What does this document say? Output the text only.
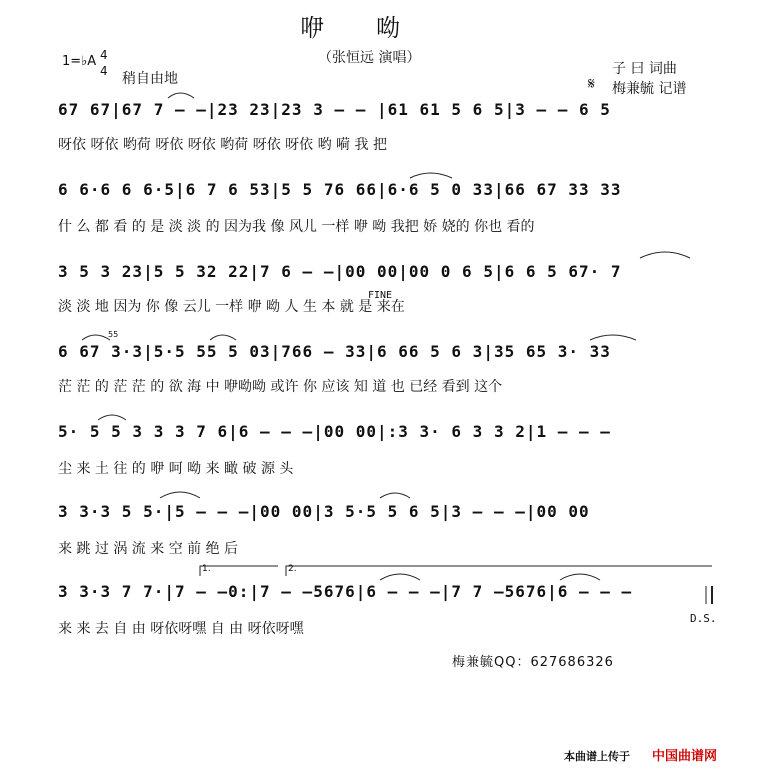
咿呦
（张恒远 演唱）
1=♭A 4
4 稍自由地
子 曰 词曲
梅兼毓 记谱
𝄋
67 67|67 7 – –|23 23|23 3 – – |61 61 5 6 5|3 – – 6 5
呀依 呀依 哟荷 呀依 呀依 哟荷 呀依 呀依 哟 嗬 我 把
6 6·6 6 6·5|6 7 6 53|5 5 76 66|6·6 5 0 33|66 67 33 33
什 么 都 看 的 是 淡 淡 的 因为我 像 风儿 一样 咿 呦 我把 娇 娆的 你也 看的
3 5 3 23|5 5 32 22|7 6 – –|00 00|00 0 6 5|6 6 5 67· 7
淡 淡 地 因为 你 像 云儿 一样 咿 呦 人 生 本 就 是 来在
6 67 3·3|5·5 55 5 03|766 – 33|6 66 5 6 3|35 65 3· 33
茫 茫 的 茫 茫 的 欲 海 中 咿呦呦 或许 你 应该 知 道 也 已经 看到 这个
5· 5 5 3 3 3 7 6|6 – – –|00 00|:3 3· 6 3 3 2|1 – – –
尘 来 土 往 的 咿 呵 呦 来 瞰 破 源 头
3 3·3 5 5·|5 – – –|00 00|3 5·5 5 6 5|3 – – –|00 00
来 跳 过 涡 流 来 空 前 绝 后
3 3·3 7 7·|7 – –0:|7 – –5676|6 – – –|7 7 –5676|6 – – –
来 来 去 自 由 呀依呀嘿 自 由 呀依呀嘿
FINE
D.S.
1.	2.
55
梅兼毓QQ：627686326
本曲谱上传于 中国曲谱网
